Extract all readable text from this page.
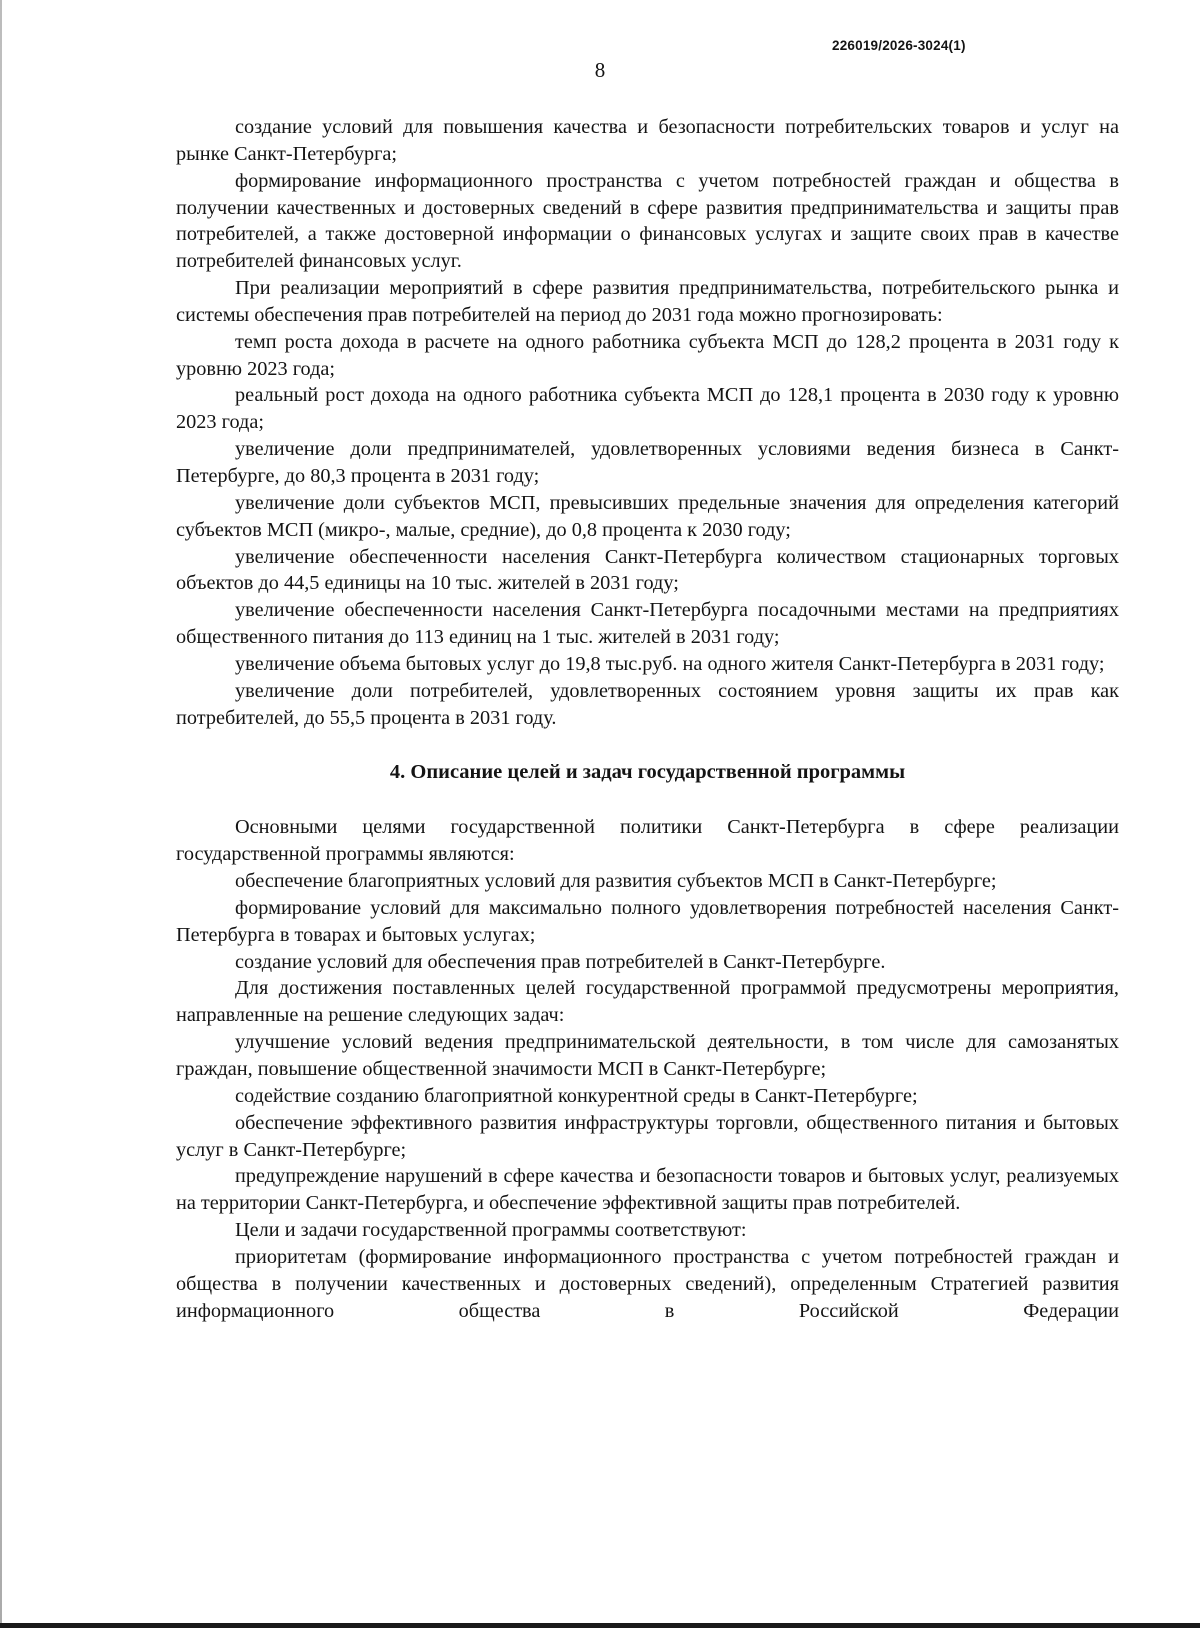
226019/2026-3024(1)
8

создание условий для повышения качества и безопасности потребительских товаров и услуг на рынке Санкт-Петербурга;

формирование информационного пространства с учетом потребностей граждан и общества в получении качественных и достоверных сведений в сфере развития предпринимательства и защиты прав потребителей, а также достоверной информации о финансовых услугах и защите своих прав в качестве потребителей финансовых услуг.

При реализации мероприятий в сфере развития предпринимательства, потребительского рынка и системы обеспечения прав потребителей на период до 2031 года можно прогнозировать:

темп роста дохода в расчете на одного работника субъекта МСП до 128,2 процента в 2031 году к уровню 2023 года;

реальный рост дохода на одного работника субъекта МСП до 128,1 процента в 2030 году к уровню 2023 года;

увеличение доли предпринимателей, удовлетворенных условиями ведения бизнеса в Санкт-Петербурге, до 80,3 процента в 2031 году;

увеличение доли субъектов МСП, превысивших предельные значения для определения категорий субъектов МСП (микро-, малые, средние), до 0,8 процента к 2030 году;

увеличение обеспеченности населения Санкт-Петербурга количеством стационарных торговых объектов до 44,5 единицы на 10 тыс. жителей в 2031 году;

увеличение обеспеченности населения Санкт-Петербурга посадочными местами на предприятиях общественного питания до 113 единиц на 1 тыс. жителей в 2031 году;

увеличение объема бытовых услуг до 19,8 тыс.руб. на одного жителя Санкт-Петербурга в 2031 году;

увеличение доли потребителей, удовлетворенных состоянием уровня защиты их прав как потребителей, до 55,5 процента в 2031 году.

4. Описание целей и задач государственной программы

Основными целями государственной политики Санкт-Петербурга в сфере реализации государственной программы являются:

обеспечение благоприятных условий для развития субъектов МСП в Санкт-Петербурге;

формирование условий для максимально полного удовлетворения потребностей населения Санкт-Петербурга в товарах и бытовых услугах;

создание условий для обеспечения прав потребителей в Санкт-Петербурге.

Для достижения поставленных целей государственной программой предусмотрены мероприятия, направленные на решение следующих задач:

улучшение условий ведения предпринимательской деятельности, в том числе для самозанятых граждан, повышение общественной значимости МСП в Санкт-Петербурге;

содействие созданию благоприятной конкурентной среды в Санкт-Петербурге;

обеспечение эффективного развития инфраструктуры торговли, общественного питания и бытовых услуг в Санкт-Петербурге;

предупреждение нарушений в сфере качества и безопасности товаров и бытовых услуг, реализуемых на территории Санкт-Петербурга, и обеспечение эффективной защиты прав потребителей.

Цели и задачи государственной программы соответствуют:

приоритетам (формирование информационного пространства с учетом потребностей граждан и общества в получении качественных и достоверных сведений), определенным Стратегией развития информационного общества в Российской Федерации
